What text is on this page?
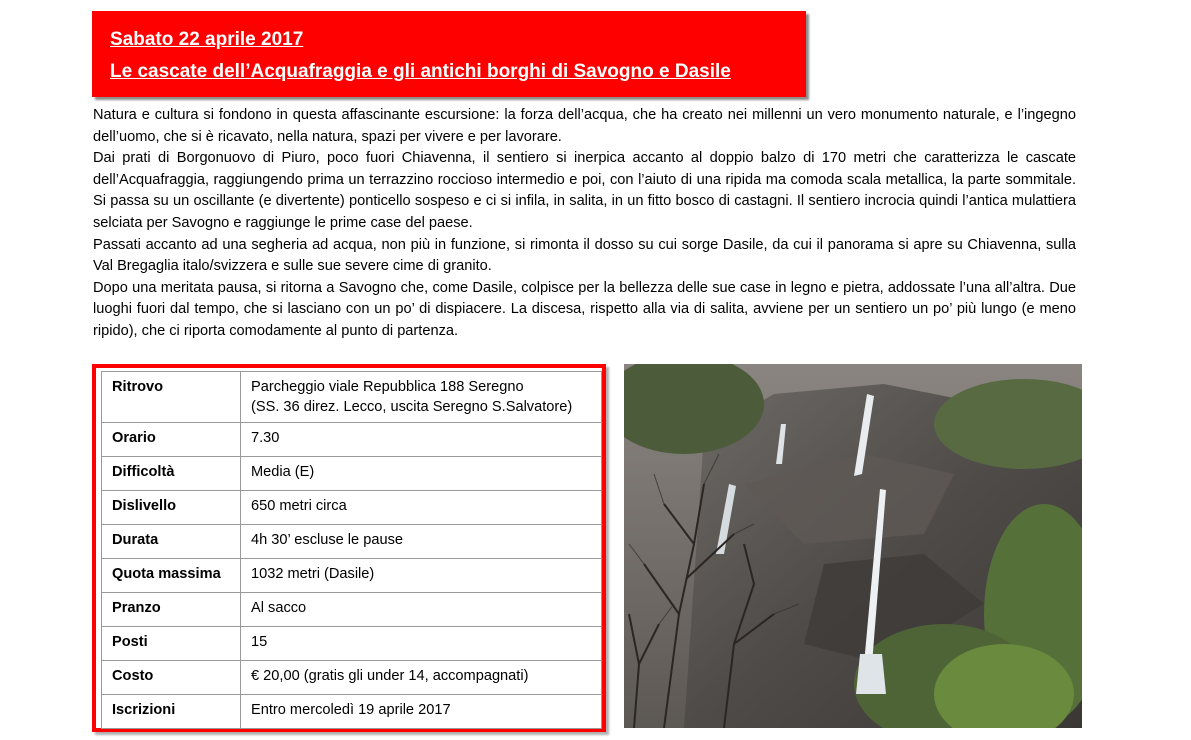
Sabato 22 aprile 2017
Le cascate dell’Acquafraggia e gli antichi borghi di Savogno e Dasile

Natura e cultura si fondono in questa affascinante escursione: la forza dell’acqua, che ha creato nei millenni un vero monumento naturale, e l’ingegno dell’uomo, che si è ricavato, nella natura, spazi per vivere e per lavorare.

Dai prati di Borgonuovo di Piuro, poco fuori Chiavenna, il sentiero si inerpica accanto al doppio balzo di 170 metri che caratterizza le cascate dell’Acquafraggia, raggiungendo prima un terrazzino roccioso intermedio e poi, con l’aiuto di una ripida ma comoda scala metallica, la parte sommitale. Si passa su un oscillante (e divertente) ponticello sospeso e ci si infila, in salita, in un fitto bosco di castagni. Il sentiero incrocia quindi l’antica mulattiera selciata per Savogno e raggiunge le prime case del paese.

Passati accanto ad una segheria ad acqua, non più in funzione, si rimonta il dosso su cui sorge Dasile, da cui il panorama si apre su Chiavenna, sulla Val Bregaglia italo/svizzera e sulle sue severe cime di granito.

Dopo una meritata pausa, si ritorna a Savogno che, come Dasile, colpisce per la bellezza delle sue case in legno e pietra, addossate l’una all’altra. Due luoghi fuori dal tempo, che si lasciano con un po’ di dispiacere. La discesa, rispetto alla via di salita, avviene per un sentiero un po’ più lungo (e meno ripido), che ci riporta comodamente al punto di partenza.

Ritrovo	Parcheggio viale Repubblica 188 Seregno
(SS. 36 direz. Lecco, uscita Seregno S.Salvatore)

Orario	7.30
Difficoltà	Media (E)
Dislivello	650 metri circa
Durata	4h 30’ escluse le pause
Quota massima	1032 metri (Dasile)
Pranzo	Al sacco
Posti	15
Costo	€ 20,00 (gratis gli under 14, accompagnati)
Iscrizioni	Entro mercoledì 19 aprile 2017
